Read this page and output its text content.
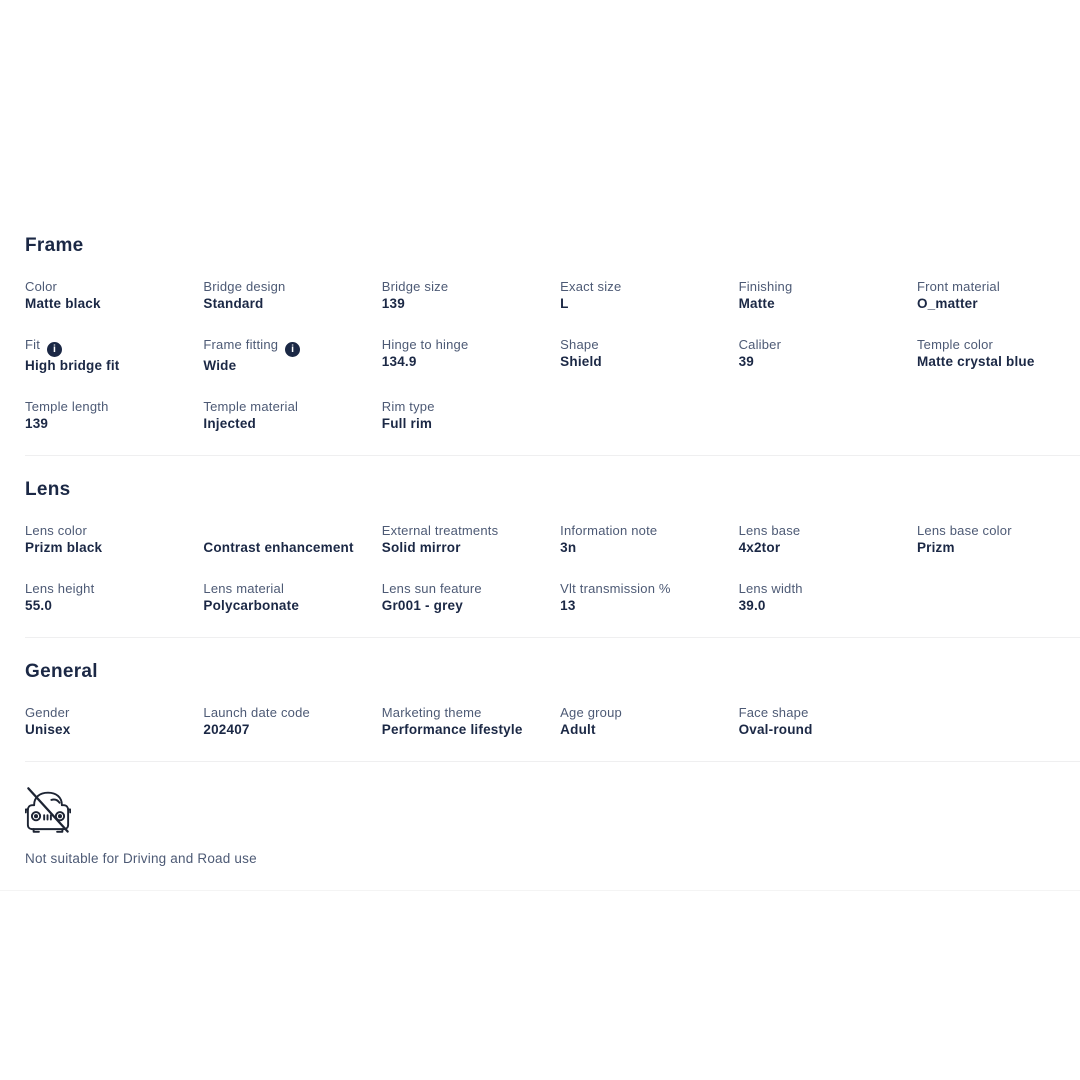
Frame
Color
Matte black
Bridge design
Standard
Bridge size
139
Exact size
L
Finishing
Matte
Front material
O_matter
Fit i
High bridge fit
Frame fitting i
Wide
Hinge to hinge
134.9
Shape
Shield
Caliber
39
Temple color
Matte crystal blue
Temple length
139
Temple material
Injected
Rim type
Full rim
Lens
Lens color
Prizm black	Contrast enhancement
External treatments
Solid mirror
Information note
3n
Lens base
4x2tor
Lens base color
Prizm
Lens height
55.0
Lens material
Polycarbonate
Lens sun feature
Gr001 - grey
Vlt transmission %
13
Lens width
39.0
General
Gender
Unisex
Launch date code
202407
Marketing theme
Performance lifestyle
Age group
Adult
Face shape
Oval-round

Not suitable for Driving and Road use
